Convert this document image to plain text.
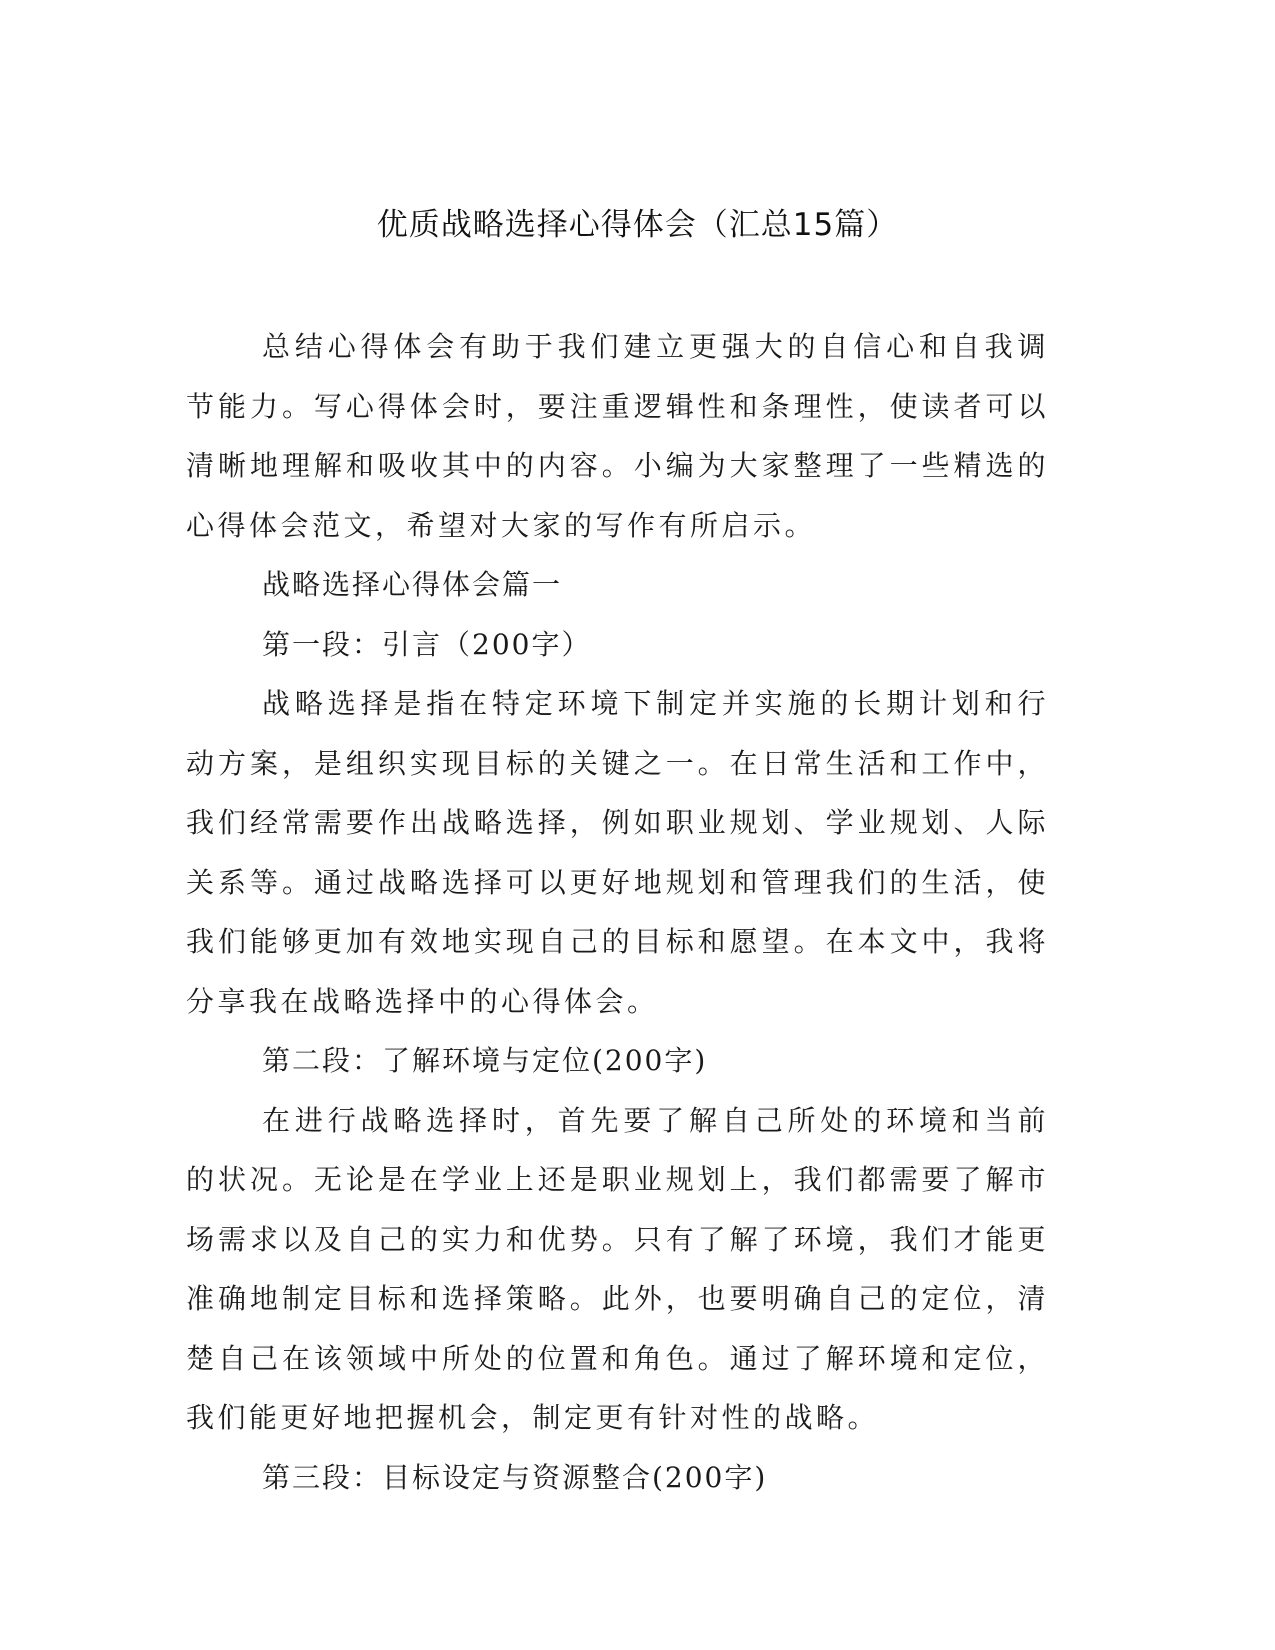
优质战略选择心得体会（汇总15篇）

总结心得体会有助于我们建立更强大的自信心和自我调节能力。写心得体会时，要注重逻辑性和条理性，使读者可以清晰地理解和吸收其中的内容。小编为大家整理了一些精选的心得体会范文，希望对大家的写作有所启示。

战略选择心得体会篇一

第一段：引言（200字）

战略选择是指在特定环境下制定并实施的长期计划和行动方案，是组织实现目标的关键之一。在日常生活和工作中，我们经常需要作出战略选择，例如职业规划、学业规划、人际关系等。通过战略选择可以更好地规划和管理我们的生活，使我们能够更加有效地实现自己的目标和愿望。在本文中，我将分享我在战略选择中的心得体会。

第二段：了解环境与定位(200字)

在进行战略选择时，首先要了解自己所处的环境和当前的状况。无论是在学业上还是职业规划上，我们都需要了解市场需求以及自己的实力和优势。只有了解了环境，我们才能更准确地制定目标和选择策略。此外，也要明确自己的定位，清楚自己在该领域中所处的位置和角色。通过了解环境和定位，我们能更好地把握机会，制定更有针对性的战略。

第三段：目标设定与资源整合(200字)
